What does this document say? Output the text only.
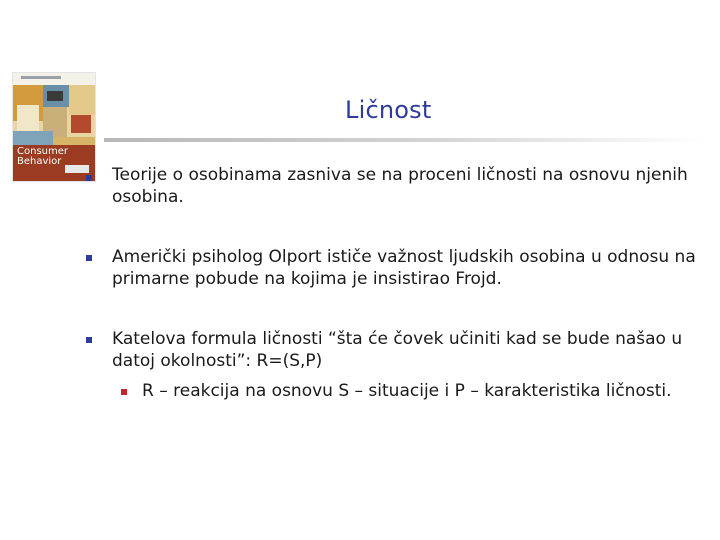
Consumer
Behavior
Ličnost

Teorije o osobinama zasniva se na proceni ličnosti na osnovu njenih osobina.

Američki psiholog Olport ističe važnost ljudskih osobina u odnosu na primarne pobude na kojima je insistirao Frojd.

Katelova formula ličnosti “šta će čovek učiniti kad se bude našao u datoj okolnosti”: R=(S,P)

R – reakcija na osnovu S – situacije i P – karakteristika ličnosti.
